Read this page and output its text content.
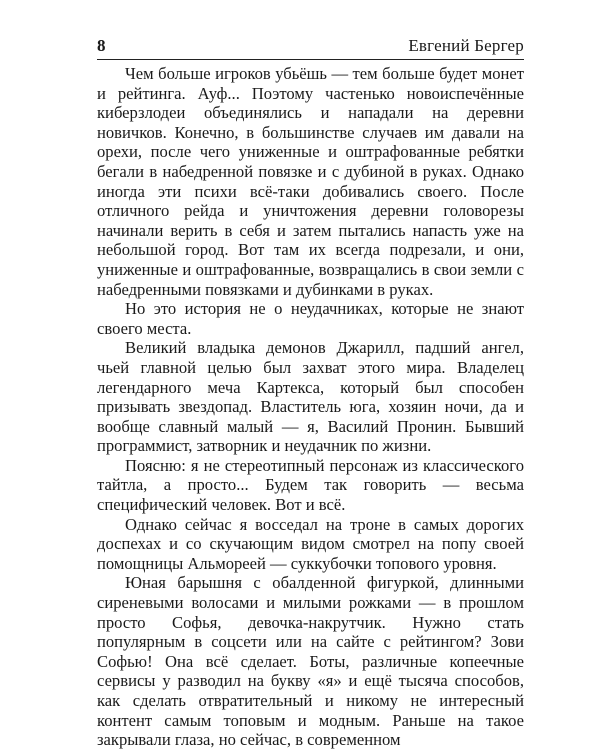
8	Евгений Бергер

Чем больше игроков убьёшь — тем больше будет монет и рейтинга. Ауф... Поэтому частенько новоиспечённые киберзлодеи объединялись и нападали на деревни новичков. Конечно, в большинстве случаев им давали на орехи, после чего униженные и оштрафованные ребятки бегали в набедренной повязке и с дубиной в руках. Однако иногда эти психи всё-таки добивались своего. После отличного рейда и уничтожения деревни головорезы начинали верить в себя и затем пытались напасть уже на небольшой город. Вот там их всегда подрезали, и они, униженные и оштрафованные, возвращались в свои земли с набедренными повязками и дубинками в руках.

Но это история не о неудачниках, которые не знают своего места.

Великий владыка демонов Джарилл, падший ангел, чьей главной целью был захват этого мира. Владелец легендарного меча Картекса, который был способен призывать звездопад. Властитель юга, хозяин ночи, да и вообще славный малый — я, Василий Пронин. Бывший программист, затворник и неудачник по жизни.

Поясню: я не стереотипный персонаж из классического тайтла, а просто... Будем так говорить — весьма специфический человек. Вот и всё.

Однако сейчас я восседал на троне в самых дорогих доспехах и со скучающим видом смотрел на попу своей помощницы Альмореей — суккубочки топового уровня.

Юная барышня с обалденной фигуркой, длинными сиреневыми волосами и милыми рожками — в прошлом просто Софья, девочка-накрутчик. Нужно стать популярным в соцсети или на сайте с рейтингом? Зови Софью! Она всё сделает. Боты, различные копеечные сервисы у разводил на букву «я» и ещё тысяча способов, как сделать отвратительный и никому не интересный контент самым топовым и модным. Раньше на такое закрывали глаза, но сейчас, в современном
